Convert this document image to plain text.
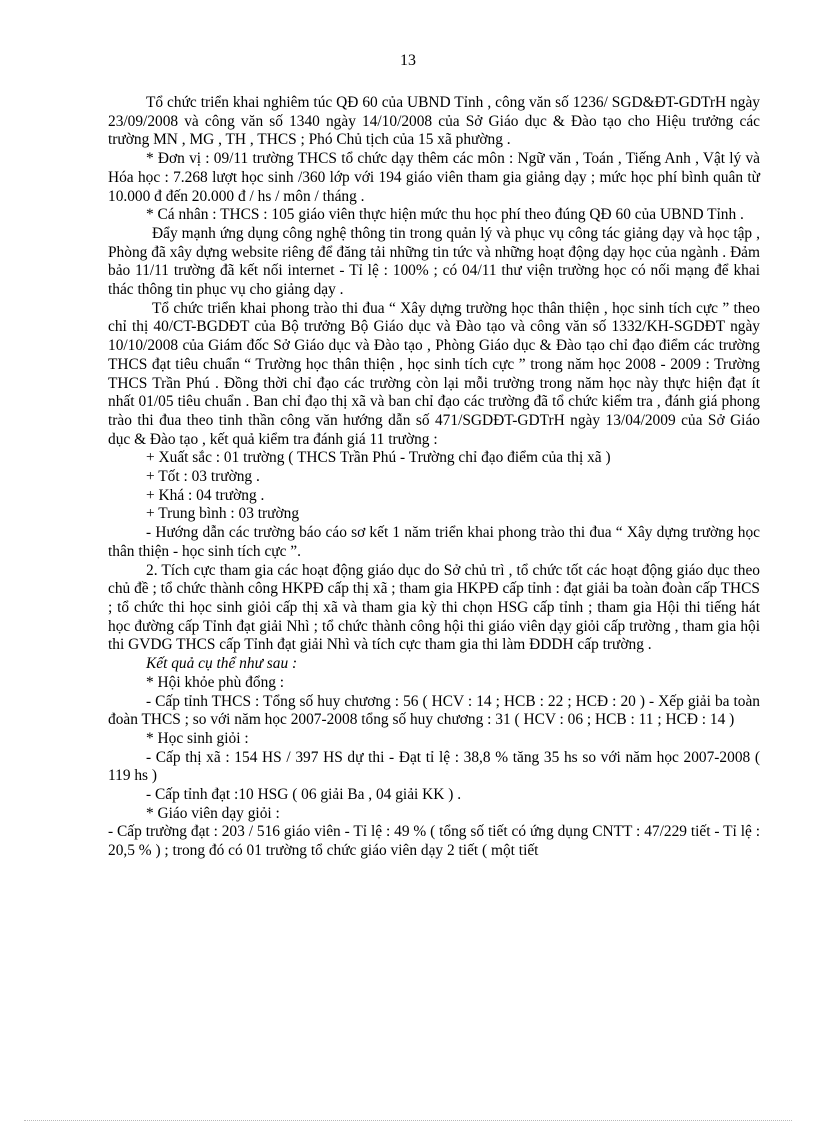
13

Tổ chức triển khai nghiêm túc QĐ 60 của UBND Tỉnh , công văn số 1236/ SGD&ĐT-GDTrH ngày 23/09/2008 và công văn số 1340 ngày 14/10/2008 của Sở Giáo dục & Đào tạo cho Hiệu trưởng các trường MN , MG , TH , THCS ; Phó Chủ tịch của 15 xã phường .

* Đơn vị : 09/11 trường THCS tổ chức dạy thêm các môn : Ngữ văn , Toán , Tiếng Anh , Vật lý và Hóa học : 7.268 lượt học sinh /360 lớp với 194 giáo viên tham gia giảng dạy ; mức học phí bình quân từ 10.000 đ đến 20.000 đ / hs / môn / tháng .

* Cá nhân : THCS : 105 giáo viên thực hiện mức thu học phí theo đúng QĐ 60 của UBND Tỉnh .

Đẩy mạnh ứng dụng công nghệ thông tin trong quản lý và phục vụ công tác giảng dạy và học tập , Phòng đã xây dựng website riêng để đăng tải những tin tức và những hoạt động dạy học của ngành . Đảm bảo 11/11 trường đã kết nối internet - Tỉ lệ : 100% ; có 04/11 thư viện trường học có nối mạng để khai thác thông tin phục vụ cho giảng dạy .

Tổ chức triển khai phong trào thi đua “ Xây dựng trường học thân thiện , học sinh tích cực ” theo chỉ thị 40/CT-BGDĐT của Bộ trưởng Bộ Giáo dục và Đào tạo và công văn số 1332/KH-SGDĐT ngày 10/10/2008 của Giám đốc Sở Giáo dục và Đào tạo , Phòng Giáo dục & Đào tạo chỉ đạo điểm các trường THCS đạt tiêu chuẩn “ Trường học thân thiện , học sinh tích cực ” trong năm học 2008 - 2009 : Trường THCS Trần Phú . Đồng thời chỉ đạo các trường còn lại mỗi trường trong năm học này thực hiện đạt ít nhất 01/05 tiêu chuẩn . Ban chỉ đạo thị xã và ban chỉ đạo các trường đã tổ chức kiểm tra , đánh giá phong trào thi đua theo tinh thần công văn hướng dẫn số 471/SGDĐT-GDTrH ngày 13/04/2009 của Sở Giáo dục & Đào tạo , kết quả kiểm tra đánh giá 11 trường :

+ Xuất sắc : 01 trường ( THCS Trần Phú - Trường chỉ đạo điểm của thị xã )

+ Tốt : 03 trường .

+ Khá : 04 trường .

+ Trung bình : 03 trường

- Hướng dẫn các trường báo cáo sơ kết 1 năm triển khai phong trào thi đua “ Xây dựng trường học thân thiện - học sinh tích cực ”.

2. Tích cực tham gia các hoạt động giáo dục do Sở chủ trì , tổ chức tốt các hoạt động giáo dục theo chủ đề ; tổ chức thành công HKPĐ cấp thị xã ; tham gia HKPĐ cấp tỉnh : đạt giải ba toàn đoàn cấp THCS ; tổ chức thi học sinh giỏi cấp thị xã và tham gia kỳ thi chọn HSG cấp tỉnh ; tham gia Hội thi tiếng hát học đường cấp Tỉnh đạt giải Nhì ; tổ chức thành công hội thi giáo viên dạy giỏi cấp trường , tham gia hội thi GVDG THCS cấp Tỉnh đạt giải Nhì và tích cực tham gia thi làm ĐDDH cấp trường .

Kết quả cụ thể như sau :

* Hội khỏe phù đổng :

- Cấp tỉnh THCS : Tổng số huy chương : 56 ( HCV : 14 ; HCB : 22 ; HCĐ : 20 ) - Xếp giải ba toàn đoàn THCS ; so với năm học 2007-2008 tổng số huy chương : 31 ( HCV : 06 ; HCB : 11 ; HCĐ : 14 )

* Học sinh giỏi :

- Cấp thị xã : 154 HS / 397 HS dự thi - Đạt tỉ lệ : 38,8 % tăng 35 hs so với năm học 2007-2008 ( 119 hs )

- Cấp tỉnh đạt :10 HSG ( 06 giải Ba , 04 giải KK ) .

* Giáo viên dạy giỏi :

- Cấp trường đạt : 203 / 516 giáo viên - Tỉ lệ : 49 % ( tổng số tiết có ứng dụng CNTT : 47/229 tiết - Tỉ lệ : 20,5 % ) ; trong đó có 01 trường tổ chức giáo viên dạy 2 tiết ( một tiết
